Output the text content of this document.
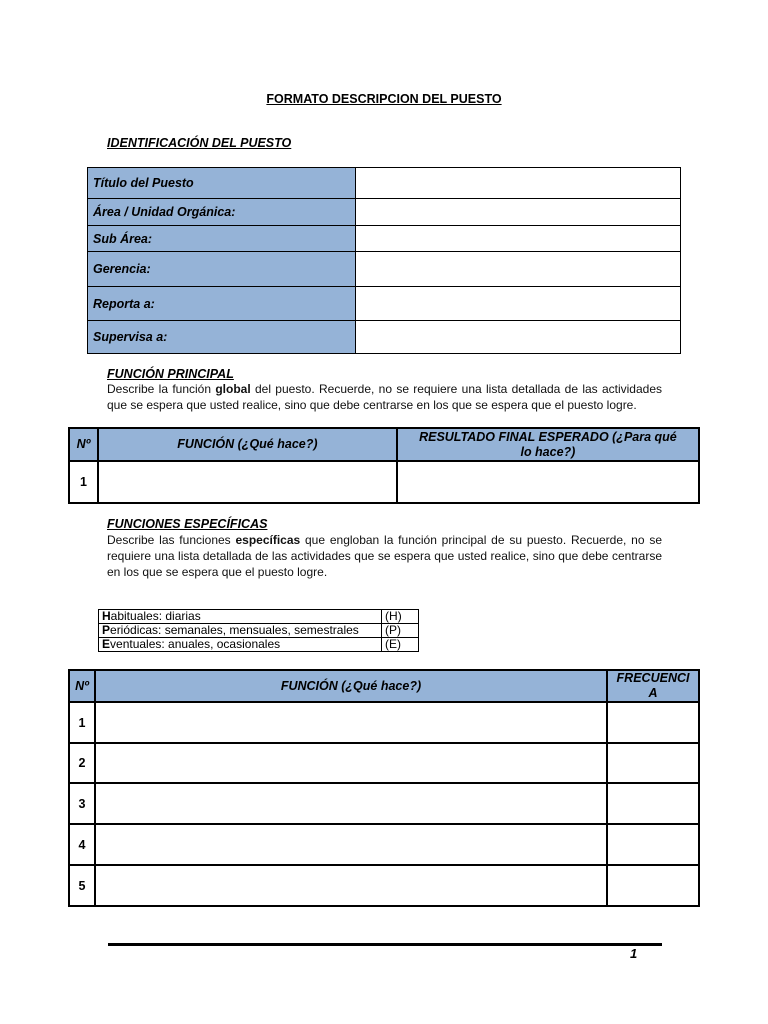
FORMATO DESCRIPCION DEL PUESTO
IDENTIFICACIÓN DEL PUESTO
Título del Puesto	
Área / Unidad Orgánica:	
Sub Área:	
Gerencia:	
Reporta a:	
Supervisa a:	
FUNCIÓN PRINCIPAL
Describe la función global del puesto. Recuerde, no se requiere una lista detallada de las actividades que se espera que usted realice, sino que debe centrarse en los que se espera que el puesto logre.
Nº	FUNCIÓN (¿Qué hace?)	RESULTADO FINAL ESPERADO (¿Para qué lo hace?)
1		
FUNCIONES ESPECÍFICAS
Describe las funciones específicas que engloban la función principal de su puesto. Recuerde, no se requiere una lista detallada de las actividades que se espera que usted realice, sino que debe centrarse en los que se espera que el puesto logre.
Habituales: diarias	(H)
Periódicas: semanales, mensuales, semestrales	(P)
Eventuales: anuales, ocasionales	(E)
Nº	FUNCIÓN (¿Qué hace?)	FRECUENCI A
1		
2		
3		
4		
5		
1
